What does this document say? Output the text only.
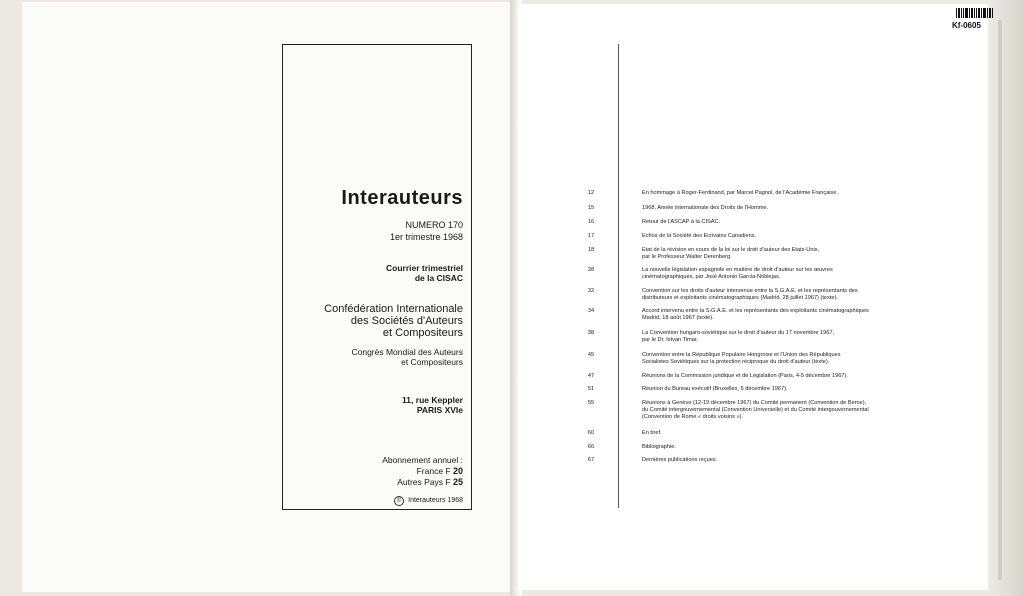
Kf-0605
Interauteurs
NUMERO 170
1er trimestre 1968
Courrier trimestriel
de la CISAC
Confédération Internationale
des Sociétés d'Auteurs
et Compositeurs
Congrès Mondial des Auteurs
et Compositeurs
11, rue Keppler
PARIS XVIe
Abonnement annuel :
France F 20
Autres Pays F 25
© Interauteurs 1968
12	En hommage à Roger-Ferdinand, par Marcel Pagnol, de l'Académie Française.
15	1968, Année internationale des Droits de l'Homme.
16	Retour de l'ASCAP à la CISAC.
17	Echos de la Société des Ecrivains Canadiens.
18	Etat de la révision en cours de la loi sur le droit d'auteur des Etats-Unis,
par le Professeur Walter Derenberg.
28	La nouvelle législation espagnole en matière de droit d'auteur sur les œuvres
cinématographiques, par José Antonio Garcia-Noblejas.
32	Convention sur les droits d'auteur intervenue entre la S.G.A.E. et les représentants des
distributeurs et exploitants cinématographiques (Madrid, 28 juillet 1967) (texte).
34	Accord intervenu entre la S.G.A.E. et les représentants des exploitants cinématographiques
Madrid, 18 août 1967 (texte).
38	La Convention hungaro-soviétique sur le droit d'auteur du 17 novembre 1967,
par le Dr. Istvan Timar.
45	Convention entre la République Populaire Hongroise et l'Union des Républiques
Socialistes Soviétiques sur la protection réciproque du droit d'auteur (texte).
47	Réunions de la Commission juridique et de Législation (Paris, 4-5 décembre 1967).
51	Réunion du Bureau exécutif (Bruxelles, 6 décembre 1967).
55	Réunions à Genève (12-19 décembre 1967) du Comité permanent (Convention de Berne),
du Comité intergouvernemental (Convention Universelle) et du Comité intergouvernemental
(Convention de Rome « droits voisins »).
60	En bref.
66	Bibliographie.
67	Dernières publications reçues.
